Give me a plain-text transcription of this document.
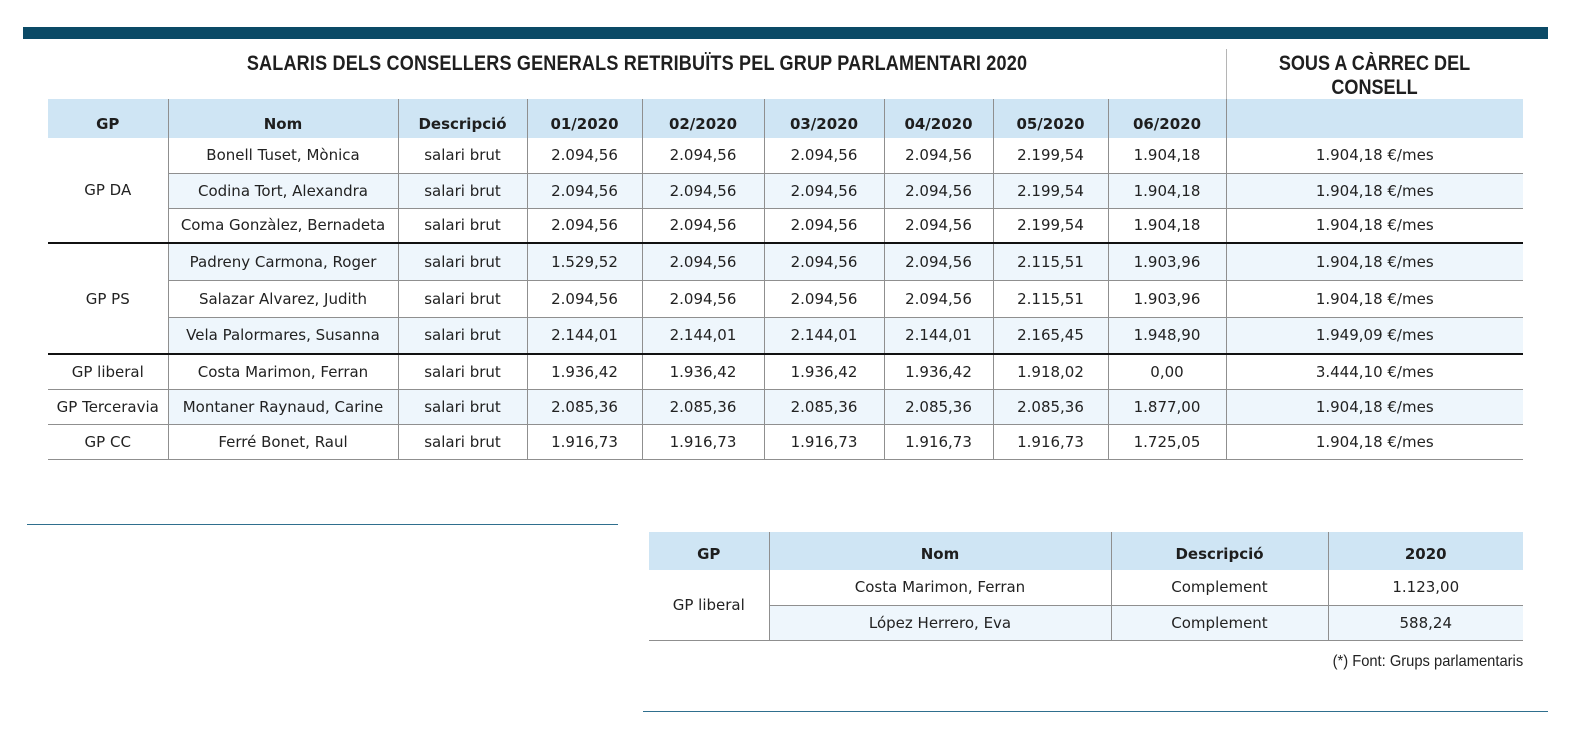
SALARIS DELS CONSELLERS GENERALS RETRIBUÏTS PEL GRUP PARLAMENTARI 2020	SOUS A CÀRREC DEL CONSELL
GP	Nom	Descripció	01/2020	02/2020	03/2020	04/2020	05/2020	06/2020	
GP DA	Bonell Tuset, Mònica	salari brut	2.094,56	2.094,56	2.094,56	2.094,56	2.199,54	1.904,18	1.904,18 €/mes
	Codina Tort, Alexandra	salari brut	2.094,56	2.094,56	2.094,56	2.094,56	2.199,54	1.904,18	1.904,18 €/mes
	Coma Gonzàlez, Bernadeta	salari brut	2.094,56	2.094,56	2.094,56	2.094,56	2.199,54	1.904,18	1.904,18 €/mes
GP PS	Padreny Carmona, Roger	salari brut	1.529,52	2.094,56	2.094,56	2.094,56	2.115,51	1.903,96	1.904,18 €/mes
	Salazar Alvarez, Judith	salari brut	2.094,56	2.094,56	2.094,56	2.094,56	2.115,51	1.903,96	1.904,18 €/mes
	Vela Palormares, Susanna	salari brut	2.144,01	2.144,01	2.144,01	2.144,01	2.165,45	1.948,90	1.949,09 €/mes
GP liberal	Costa Marimon, Ferran	salari brut	1.936,42	1.936,42	1.936,42	1.936,42	1.918,02	0,00	3.444,10 €/mes
GP Terceravia	Montaner Raynaud, Carine	salari brut	2.085,36	2.085,36	2.085,36	2.085,36	2.085,36	1.877,00	1.904,18 €/mes
GP CC	Ferré Bonet, Raul	salari brut	1.916,73	1.916,73	1.916,73	1.916,73	1.916,73	1.725,05	1.904,18 €/mes
GP	Nom	Descripció	2020
GP liberal	Costa Marimon, Ferran	Complement	1.123,00
	López Herrero, Eva	Complement	588,24
(*) Font: Grups parlamentaris
